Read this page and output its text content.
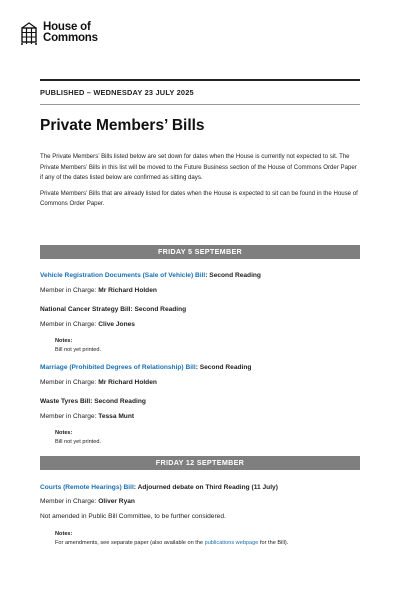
House of
Commons
PUBLISHED – WEDNESDAY 23 JULY 2025
Private Members’ Bills

The Private Members’ Bills listed below are set down for dates when the House is currently not expected to sit. The Private Members’ Bills in this list will be moved to the Future Business section of the House of Commons Order Paper if any of the dates listed below are confirmed as sitting days.

Private Members’ Bills that are already listed for dates when the House is expected to sit can be found in the House of Commons Order Paper.

FRIDAY 5 SEPTEMBER
Vehicle Registration Documents (Sale of Vehicle) Bill: Second Reading
Member in Charge: Mr Richard Holden
National Cancer Strategy Bill: Second Reading
Member in Charge: Clive Jones
Notes:
Bill not yet printed.
Marriage (Prohibited Degrees of Relationship) Bill: Second Reading
Member in Charge: Mr Richard Holden
Waste Tyres Bill: Second Reading
Member in Charge: Tessa Munt
Notes:
Bill not yet printed.
FRIDAY 12 SEPTEMBER
Courts (Remote Hearings) Bill: Adjourned debate on Third Reading (11 July)
Member in Charge: Oliver Ryan
Not amended in Public Bill Committee, to be further considered.
Notes:
For amendments, see separate paper (also available on the publications webpage for the Bill).
